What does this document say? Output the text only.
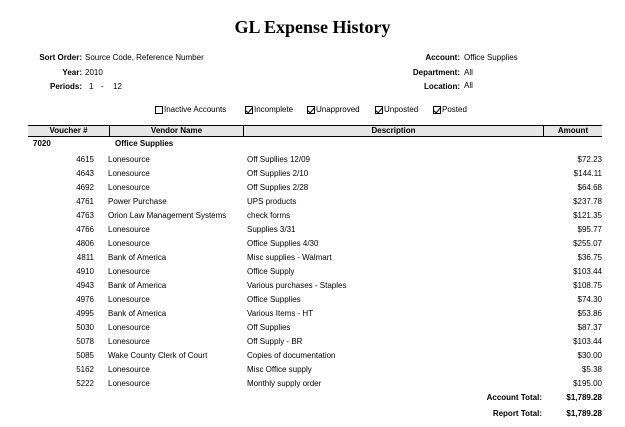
GL Expense History
Sort Order: Source Code, Reference Number
Year: 2010
Periods: 1 - 12
Account: Office Supplies
Department: All
Location: All
Inactive Accounts	Incomplete	Unapproved	Unposted	Posted
Voucher #	Vendor Name	Description	Amount
7020	Office Supplies
4615 Lonesource	Off Supllies 12/09	$72.23
4643 Lonesource	Off Supplies 2/10	$144.11
4692 Lonesource	Off Supplies 2/28	$64.68
4761 Power Purchase	UPS products	$237.78
4763 Orion Law Management Systems	check forms	$121.35
4766 Lonesource	Supplies 3/31	$95.77
4806 Lonesource	Office Supplies 4/30	$255.07
4811 Bank of America	Misc supplies - Walmart	$36.75
4910 Lonesource	Office Supply	$103.44
4943 Bank of America	Various purchases - Staples	$108.75
4976 Lonesource	Office Supplies	$74.30
4995 Bank of America	Various Items - HT	$53.86
5030 Lonesource	Off Supplies	$87.37
5078 Lonesource	Off Supply - BR	$103.44
5085 Wake County Clerk of Court	Copies of documentation	$30.00
5162 Lonesource	Misc Office supply	$5.38
5222 Lonesource	Monthly supply order	$195.00
Account Total:	$1,789.28
Report Total:	$1,789.28
